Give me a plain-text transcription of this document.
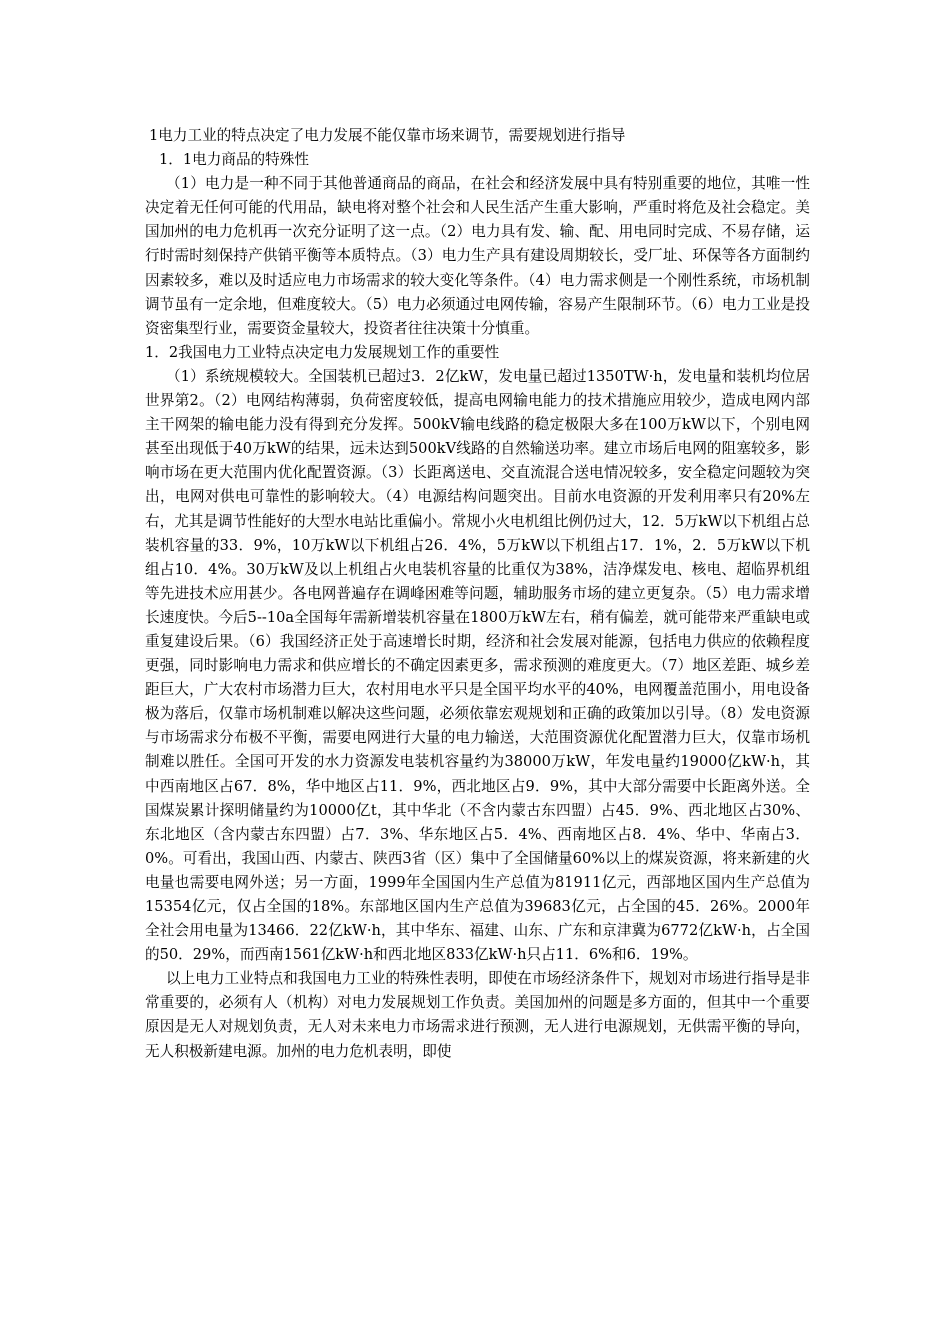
1电力工业的特点决定了电力发展不能仅靠市场来调节，需要规划进行指导

1．1电力商品的特殊性

（1）电力是一种不同于其他普通商品的商品，在社会和经济发展中具有特别重要的地位，其唯一性决定着无任何可能的代用品，缺电将对整个社会和人民生活产生重大影响，严重时将危及社会稳定。美国加州的电力危机再一次充分证明了这一点。（2）电力具有发、输、配、用电同时完成、不易存储，运行时需时刻保持产供销平衡等本质特点。（3）电力生产具有建设周期较长，受厂址、环保等各方面制约因素较多，难以及时适应电力市场需求的较大变化等条件。（4）电力需求侧是一个刚性系统，市场机制调节虽有一定余地，但难度较大。（5）电力必须通过电网传输，容易产生限制环节。（6）电力工业是投资密集型行业，需要资金量较大，投资者往往决策十分慎重。

1．2我国电力工业特点决定电力发展规划工作的重要性

（1）系统规模较大。全国装机已超过3．2亿kW，发电量已超过1350TW·h，发电量和装机均位居世界第2。（2）电网结构薄弱，负荷密度较低，提高电网输电能力的技术措施应用较少，造成电网内部主干网架的输电能力没有得到充分发挥。500kV输电线路的稳定极限大多在100万kW以下，个别电网甚至出现低于40万kW的结果，远未达到500kV线路的自然输送功率。建立市场后电网的阻塞较多，影响市场在更大范围内优化配置资源。（3）长距离送电、交直流混合送电情况较多，安全稳定问题较为突出，电网对供电可靠性的影响较大。（4）电源结构问题突出。目前水电资源的开发利用率只有20%左右，尤其是调节性能好的大型水电站比重偏小。常规小火电机组比例仍过大，12．5万kW以下机组占总装机容量的33．9%，10万kW以下机组占26．4%，5万kW以下机组占17．1%，2．5万kW以下机组占10．4%。30万kW及以上机组占火电装机容量的比重仅为38%，洁净煤发电、核电、超临界机组等先进技术应用甚少。各电网普遍存在调峰困难等问题，辅助服务市场的建立更复杂。（5）电力需求增长速度快。今后5--10a全国每年需新增装机容量在1800万kW左右，稍有偏差，就可能带来严重缺电或重复建设后果。（6）我国经济正处于高速增长时期，经济和社会发展对能源，包括电力供应的依赖程度更强，同时影响电力需求和供应增长的不确定因素更多，需求预测的难度更大。（7）地区差距、城乡差距巨大，广大农村市场潜力巨大，农村用电水平只是全国平均水平的40%，电网覆盖范围小，用电设备极为落后，仅靠市场机制难以解决这些问题，必须依靠宏观规划和正确的政策加以引导。（8）发电资源与市场需求分布极不平衡，需要电网进行大量的电力输送，大范围资源优化配置潜力巨大，仅靠市场机制难以胜任。全国可开发的水力资源发电装机容量约为38000万kW，年发电量约19000亿kW·h，其中西南地区占67．8%，华中地区占11．9%，西北地区占9．9%，其中大部分需要中长距离外送。全国煤炭累计探明储量约为10000亿t，其中华北（不含内蒙古东四盟）占45．9%、西北地区占30%、东北地区（含内蒙古东四盟）占7．3%、华东地区占5．4%、西南地区占8．4%、华中、华南占3．0%。可看出，我国山西、内蒙古、陕西3省（区）集中了全国储量60%以上的煤炭资源，将来新建的火电量也需要电网外送；另一方面，1999年全国国内生产总值为81911亿元，西部地区国内生产总值为15354亿元，仅占全国的18%。东部地区国内生产总值为39683亿元，占全国的45．26%。2000年全社会用电量为13466．22亿kW·h，其中华东、福建、山东、广东和京津冀为6772亿kW·h，占全国的50．29%，而西南1561亿kW·h和西北地区833亿kW·h只占11．6%和6．19%。

以上电力工业特点和我国电力工业的特殊性表明，即使在市场经济条件下，规划对市场进行指导是非常重要的，必须有人（机构）对电力发展规划工作负责。美国加州的问题是多方面的，但其中一个重要原因是无人对规划负责，无人对未来电力市场需求进行预测，无人进行电源规划，无供需平衡的导向，无人积极新建电源。加州的电力危机表明，即使
